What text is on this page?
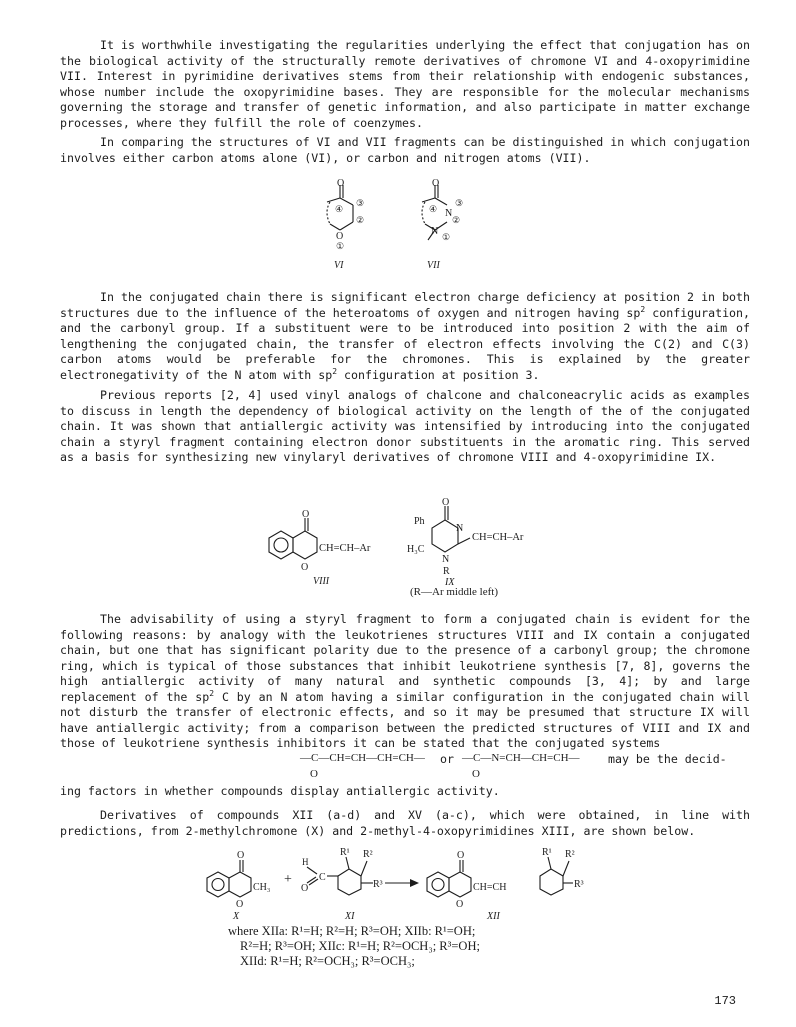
It is worthwhile investigating the regularities underlying the effect that conjugation has on the biological activity of the structurally remote derivatives of chromone VI and 4-oxopyrimidine VII. Interest in pyrimidine derivatives stems from their relationship with endogenic substances, whose number include the oxopyrimidine bases. They are responsible for the molecular mechanisms governing the storage and transfer of genetic information, and also participate in matter exchange processes, where they fulfill the role of coenzymes.

In comparing the structures of VI and VII fragments can be distinguished in which conjugation involves either carbon atoms alone (VI), or carbon and nitrogen atoms (VII).

O
O
④
③
②
①
VI
O
N
N
④
③
②
①
VII

In the conjugated chain there is significant electron charge deficiency at position 2 in both structures due to the influence of the heteroatoms of oxygen and nitrogen having $sp^2$ configuration, and the carbonyl group. If a substituent were to be introduced into position 2 with the aim of lengthening the conjugated chain, the transfer of electron effects involving the C(2) and C(3) carbon atoms would be preferable for the chromones. This is explained by the greater electronegativity of the N atom with $sp^2$ configuration at position 3.

Previous reports [2, 4] used vinyl analogs of chalcone and chalconeacrylic acids as examples to discuss in length the dependency of biological activity on the length of the of the conjugated chain. It was shown that antiallergic activity was intensified by introducing into the conjugated chain a styryl fragment containing electron donor substituents in the aromatic ring. This served as a basis for synthesizing new vinylaryl derivatives of chromone VIII and 4-oxopyrimidine IX.

O
O
CH=CH–Ar
VIII
O
Ph
N
N
H₃C
R
CH=CH–Ar
IX
(R—Ar middle left)

The advisability of using a styryl fragment to form a conjugated chain is evident for the following reasons: by analogy with the leukotrienes structures VIII and IX contain a conjugated chain, but one that has significant polarity due to the presence of a carbonyl group; the chromone ring, which is typical of those substances that inhibit leukotriene synthesis [7, 8], governs the high antiallergic activity of many natural and synthetic compounds [3, 4]; by and large replacement of the $sp^2$ C by an N atom having a similar configuration in the conjugated chain will not disturb the transfer of electronic effects, and so it may be presumed that structure IX will have antiallergic activity; from a comparison between the predicted structures of VIII and IX and those of leukotriene synthesis inhibitors it can be stated that the conjugated systems

—C—CH=CH—CH=CH—
O
or —C—N=CH—CH=CH—
O
may be the decid-

ing factors in whether compounds display antiallergic activity.

Derivatives of compounds XII (a-d) and XV (a-c), which were obtained, in line with predictions, from 2-methylchromone (X) and 2-methyl-4-oxopyrimidines XIII, are shown below.

O
O
CH₃
X
+
H
C
O
R¹ R²
R³
XI
O
O
CH=CH
R¹ R²
R³
XII
where XIIa: R¹=H; R²=H; R³=OH; XIIb: R¹=OH;
R²=H; R³=OH; XIIc: R¹=H; R²=OCH₃; R³=OH;
XIId: R¹=H; R²=OCH₃; R³=OCH₃;
173
